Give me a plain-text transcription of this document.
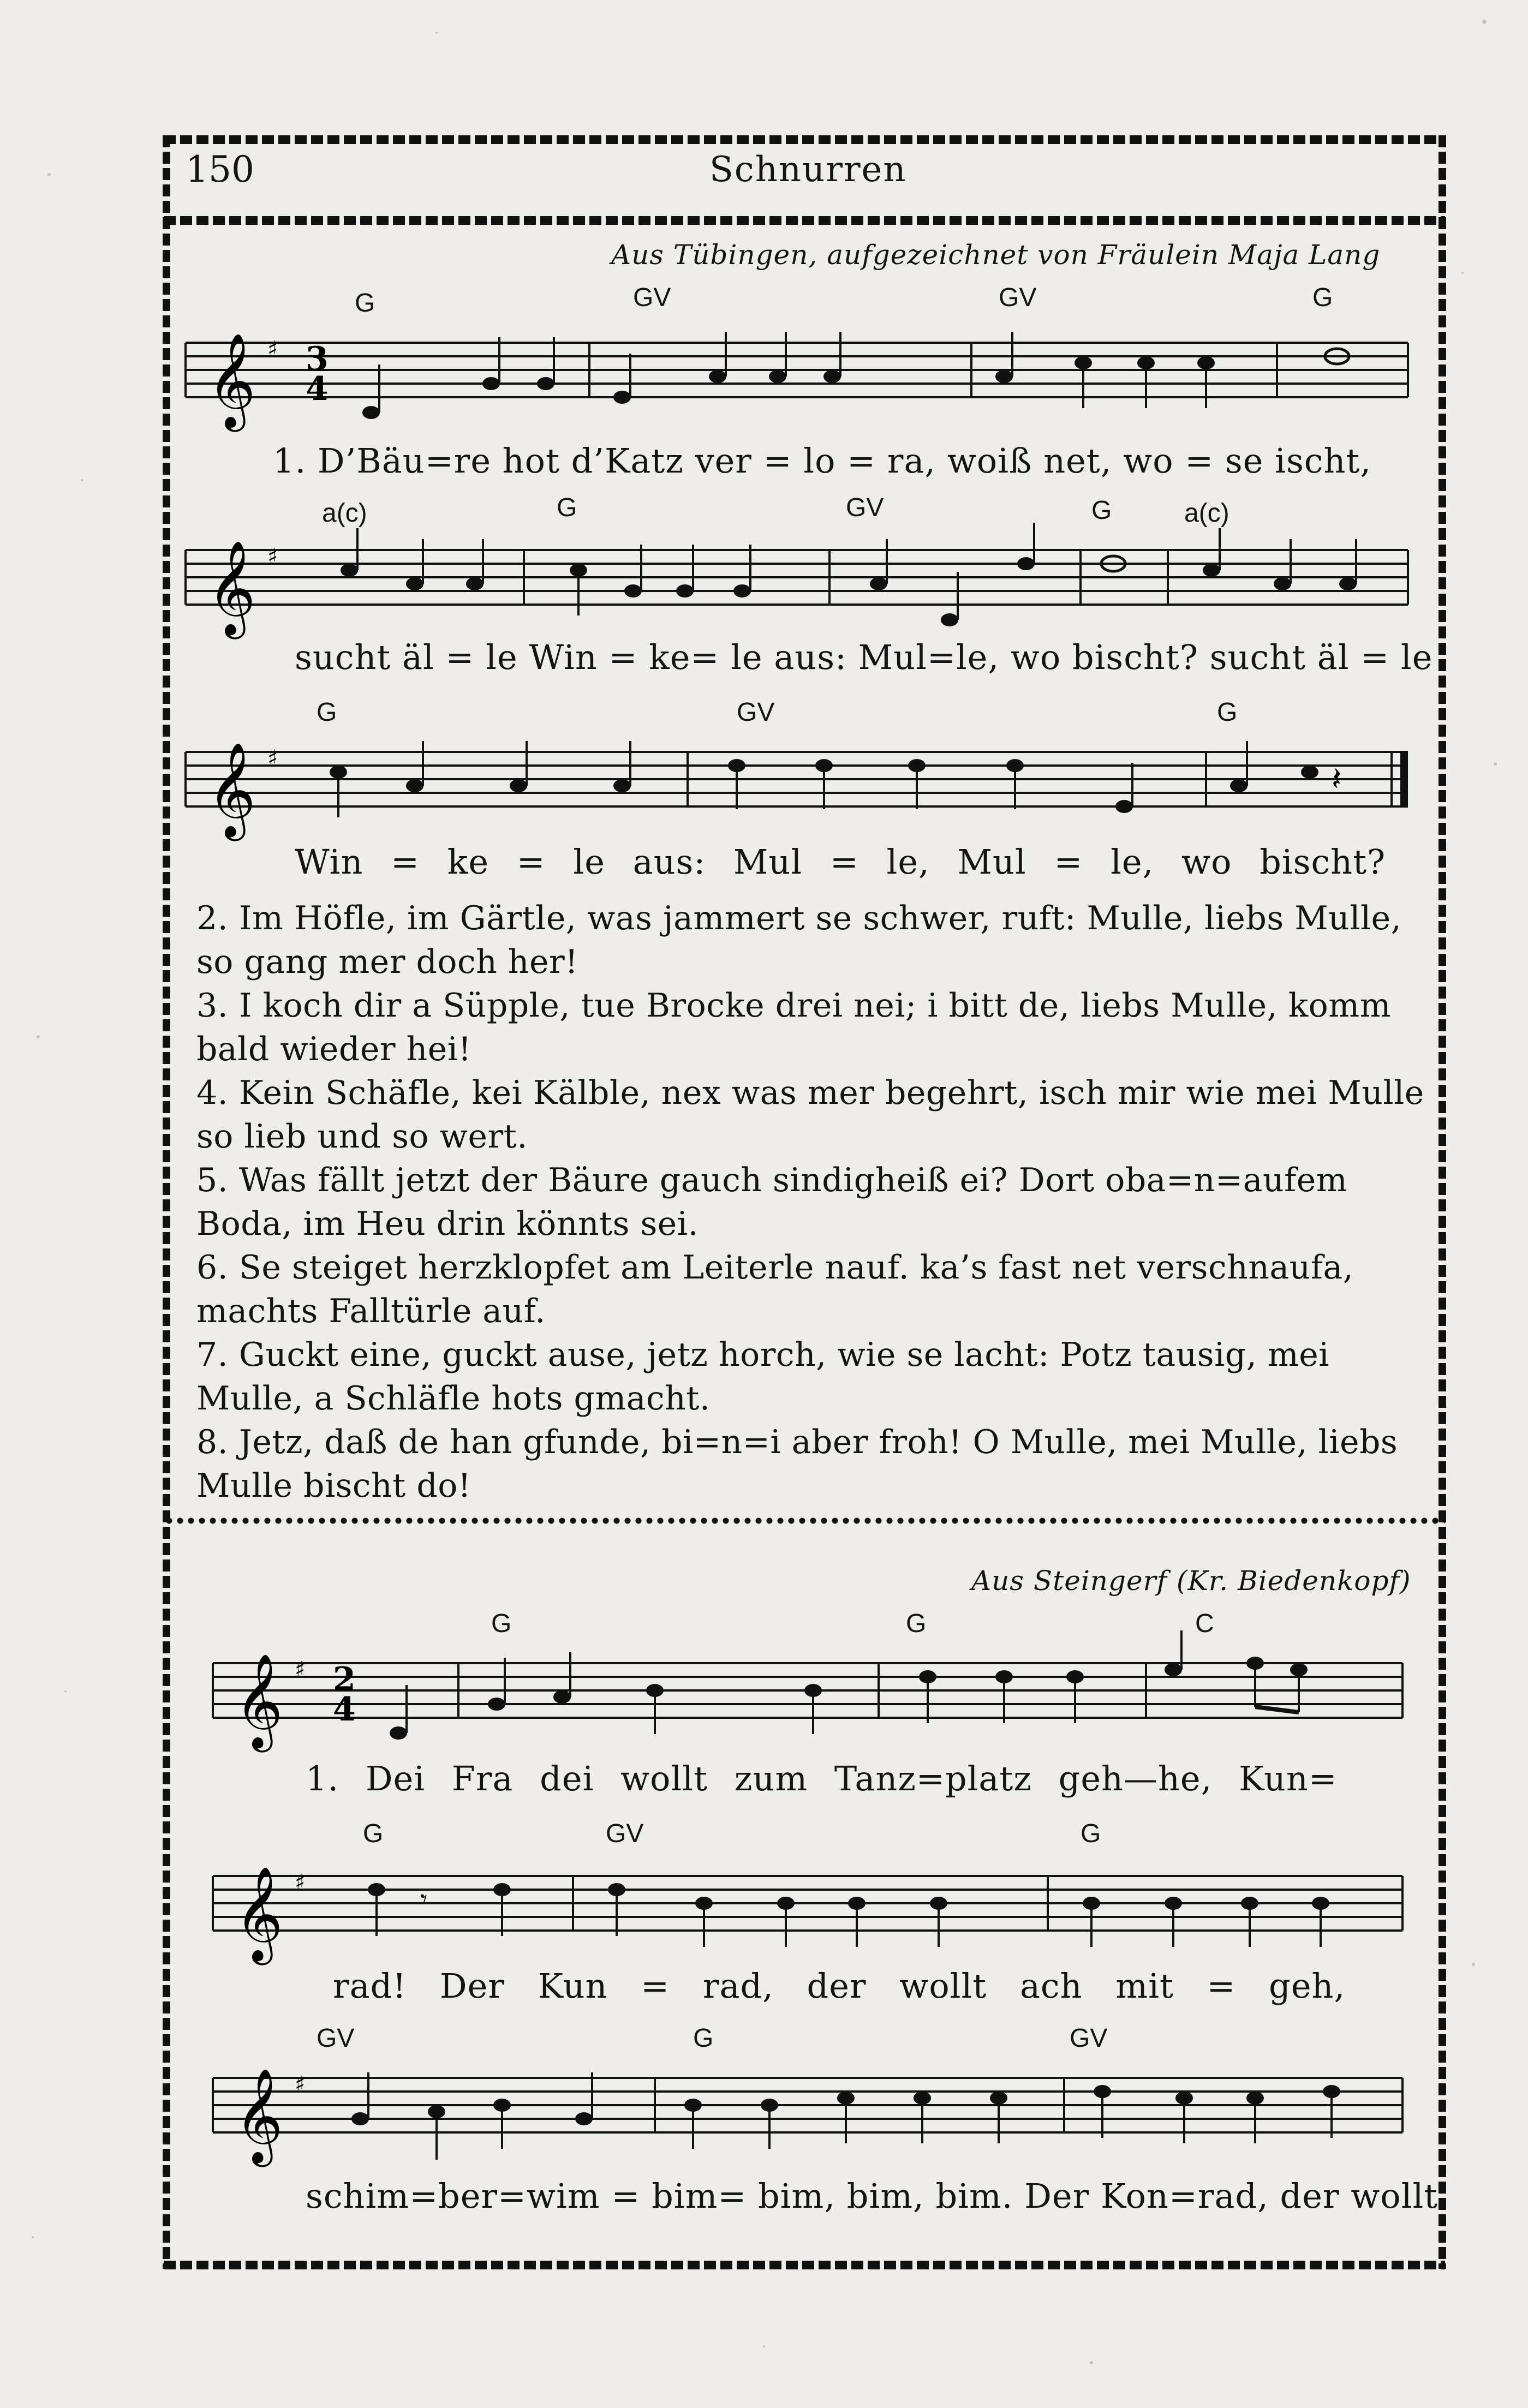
150	Schnurren
Aus Tübingen, aufgezeichnet von Fräulein Maja Lang
G	GV	GV	G
𝄞 ♯ 3
4
1. D’Bäu=re hot d’Katz ver = lo = ra, woiß net, wo = se ischt,
a(c)	G	GV	G	a(c)
𝄞 ♯
sucht äl = le Win = ke= le aus: Mul=le, wo bischt? sucht äl = le
G	GV	G
𝄞 ♯
𝄽
Win = ke = le aus: Mul = le, Mul = le, wo bischt?

2. Im Höfle, im Gärtle, was jammert se schwer, ruft: Mulle, liebs Mulle, so gang mer doch her!

3. I koch dir a Süpple, tue Brocke drei nei; i bitt de, liebs Mulle, komm bald wieder hei!

4. Kein Schäfle, kei Kälble, nex was mer begehrt, isch mir wie mei Mulle so lieb und so wert.

5. Was fällt jetzt der Bäure gauch sindigheiß ei? Dort oba=n=aufem Boda, im Heu drin könnts sei.

6. Se steiget herzklopfet am Leiterle nauf. ka’s fast net verschnaufa, machts Falltürle auf.

7. Guckt eine, guckt ause, jetz horch, wie se lacht: Potz tausig, mei Mulle, a Schläfle hots gmacht.

8. Jetz, daß de han gfunde, bi=n=i aber froh! O Mulle, mei Mulle, liebs Mulle bischt do!

Aus Steingerf (Kr. Biedenkopf)
G	G	C
𝄞 ♯ 2
4
1. Dei Fra dei wollt zum Tanz=platz geh—he, Kun=
G	GV	G
𝄞 ♯
𝄾
rad! Der Kun = rad, der wollt ach mit = geh,
GV	G	GV
𝄞 ♯
schim=ber=wim = bim= bim, bim, bim. Der Kon=rad, der wollt
